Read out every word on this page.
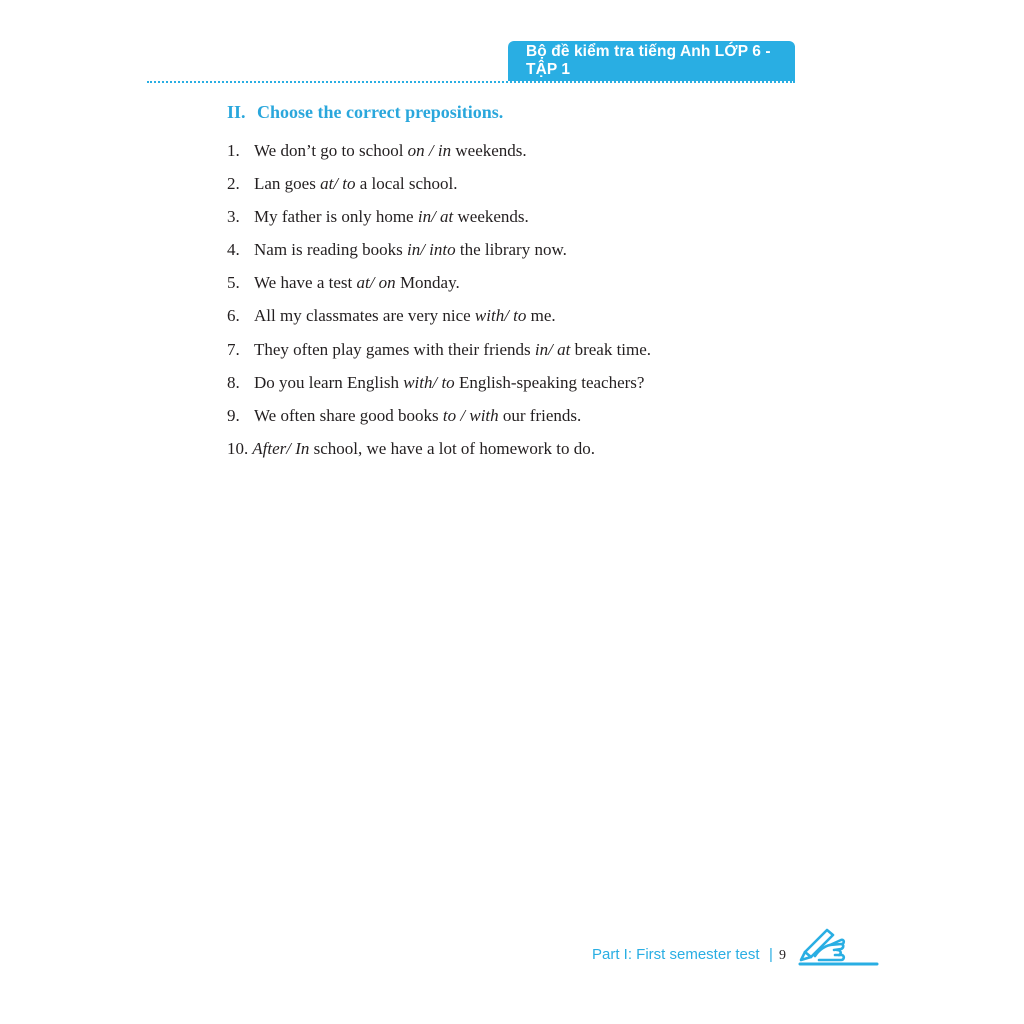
Bộ đề kiểm tra tiếng Anh LỚP 6 - TẬP 1
II. Choose the correct prepositions.
1. We don’t go to school on / in weekends.
2. Lan goes at/ to a local school.
3. My father is only home in/ at weekends.
4. Nam is reading books in/ into the library now.
5. We have a test at/ on Monday.
6. All my classmates are very nice with/ to me.
7. They often play games with their friends in/ at break time.
8. Do you learn English with/ to English-speaking teachers?
9. We often share good books to / with our friends.
10. After/ In school, we have a lot of homework to do.
Part I: First semester test | 9
